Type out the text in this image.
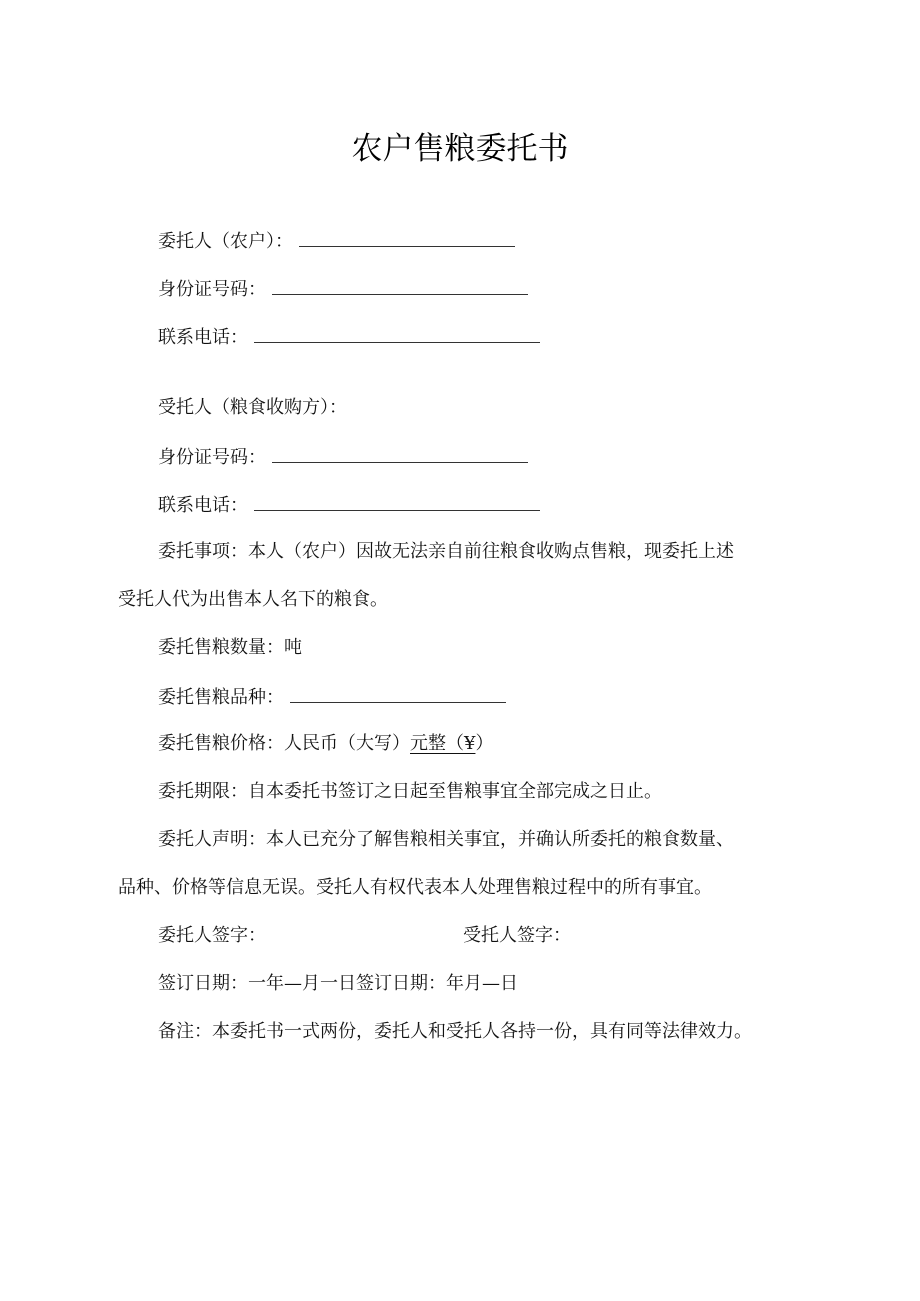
农户售粮委托书
委托人（农户）：
身份证号码：
联系电话：
受托人（粮食收购方）：
身份证号码：
联系电话：
委托事项：本人（农户）因故无法亲自前往粮食收购点售粮，现委托上述
受托人代为出售本人名下的粮食。
委托售粮数量：吨
委托售粮品种：
委托售粮价格：人民币（大写）元整（¥）
委托期限：自本委托书签订之日起至售粮事宜全部完成之日止。
委托人声明：本人已充分了解售粮相关事宜，并确认所委托的粮食数量、
品种、价格等信息无误。受托人有权代表本人处理售粮过程中的所有事宜。
委托人签字：	受托人签字：
签订日期：一年—月一日签订日期：年月—日
备注：本委托书一式两份，委托人和受托人各持一份，具有同等法律效力。
